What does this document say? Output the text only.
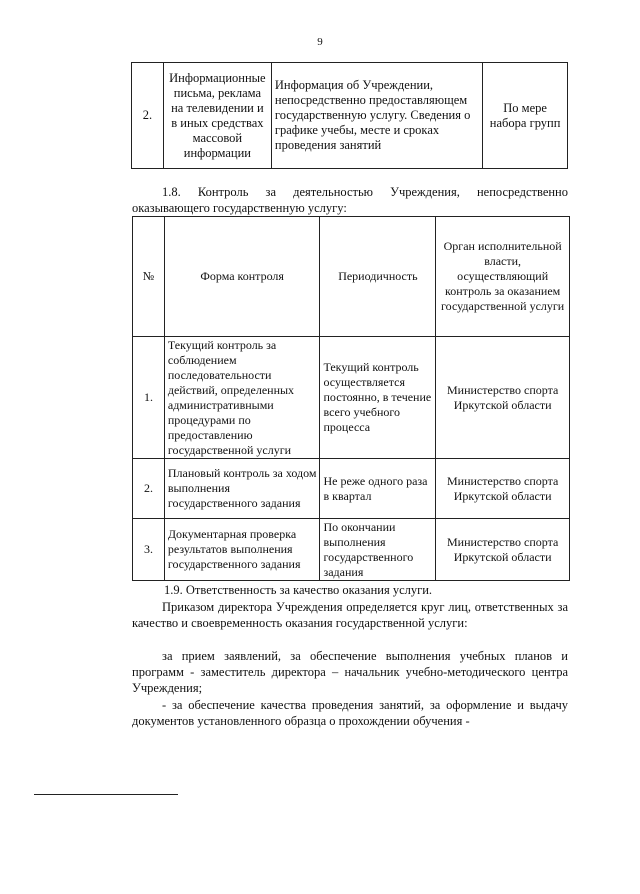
9
2.	Информационные письма, реклама на телевидении и в иных средствах массовой информации	Информация об Учреждении, непосредственно предоставляющем государственную услугу. Сведения о графике учебы, месте и сроках проведения занятий	По мере набора групп
1.8. Контроль за деятельностью Учреждения, непосредственно оказывающего государственную услугу:
№	Форма контроля	Периодичность	Орган исполнительной власти, осуществляющий контроль за оказанием государственной услуги
1.	Текущий контроль за соблюдением последовательности действий, определенных административными процедурами по предоставлению государственной услуги	Текущий контроль осуществляется постоянно, в течение всего учебного процесса	Министерство спорта Иркутской области
2.	Плановый контроль за ходом выполнения государственного задания	Не реже одного раза в квартал	Министерство спорта Иркутской области
3.	Документарная проверка результатов выполнения государственного задания	По окончании выполнения государственного задания	Министерство спорта Иркутской области
1.9. Ответственность за качество оказания услуги.
Приказом директора Учреждения определяется круг лиц, ответственных за качество и своевременность оказания государственной услуги:
за прием заявлений, за обеспечение выполнения учебных планов и программ - заместитель директора – начальник учебно-методического центра Учреждения;
- за обеспечение качества проведения занятий, за оформление и выдачу документов установленного образца о прохождении обучения -
